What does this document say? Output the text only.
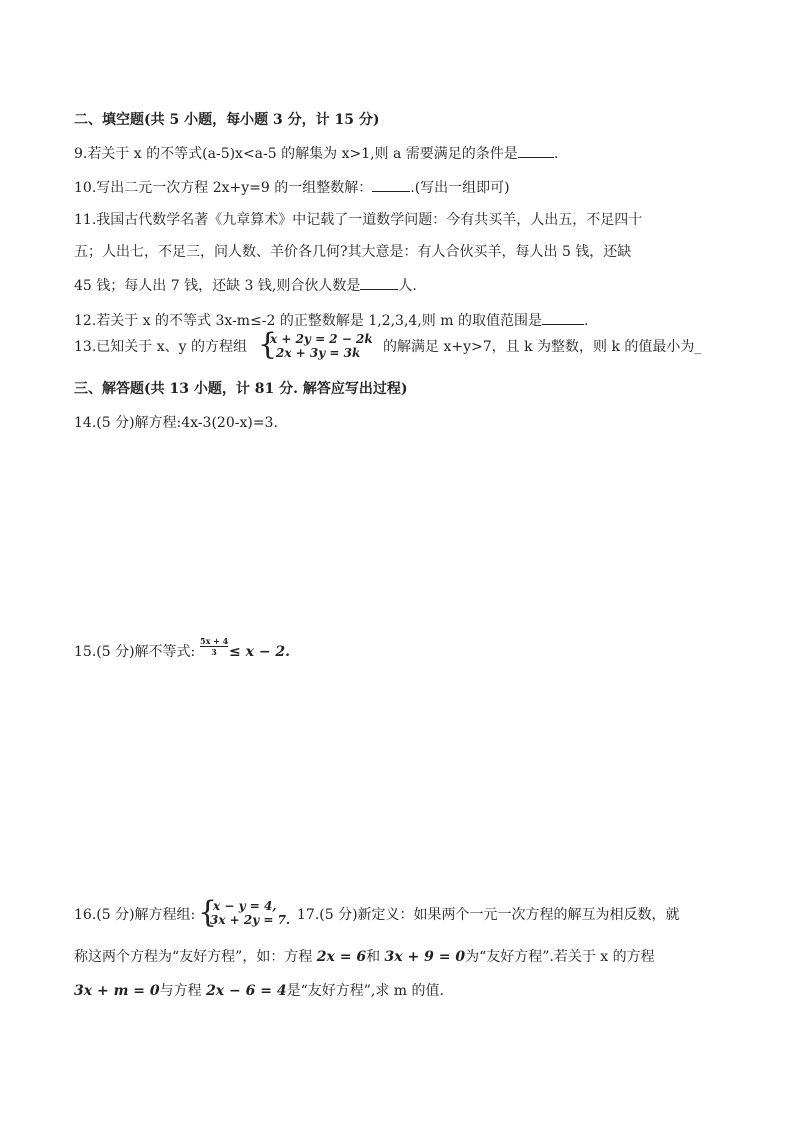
二、填空题(共 5 小题，每小题 3 分，计 15 分)
9.若关于 x 的不等式(a-5)x<a-5 的解集为 x>1,则 a 需要满足的条件是	.
10.写出二元一次方程 2x+y=9 的一组整数解：	.(写出一组即可)
11.我国古代数学名著《九章算术》中记载了一道数学问题：今有共买羊，人出五，不足四十
五；人出七，不足三，问人数、羊价各几何?其大意是：有人合伙买羊，每人出 5 钱，还缺
45 钱；每人出 7 钱，还缺 3 钱,则合伙人数是	人.
12.若关于 x 的不等式 3x-m≤-2 的正整数解是 1,2,3,4,则 m 的取值范围是	.
13.已知关于 x、y 的方程组 {
x + 2y = 2 − 2k
2x + 3y = 3k 的解满足 x+y>7，且 k 为整数，则 k 的值最小为_
三、解答题(共 13 小题，计 81 分. 解答应写出过程)
14.(5 分)解方程:4x-3(20-x)=3.
15.(5 分)解不等式:
5x + 4
3 ≤ x − 2.
16.(5 分)解方程组: {
x − y = 4,
3x + 2y = 7. 17.(5 分)新定义：如果两个一元一次方程的解互为相反数，就
称这两个方程为“友好方程”，如：方程 2x = 6和 3x + 9 = 0为“友好方程”.若关于 x 的方程
3x + m = 0与方程 2x − 6 = 4是“友好方程”,求 m 的值.
